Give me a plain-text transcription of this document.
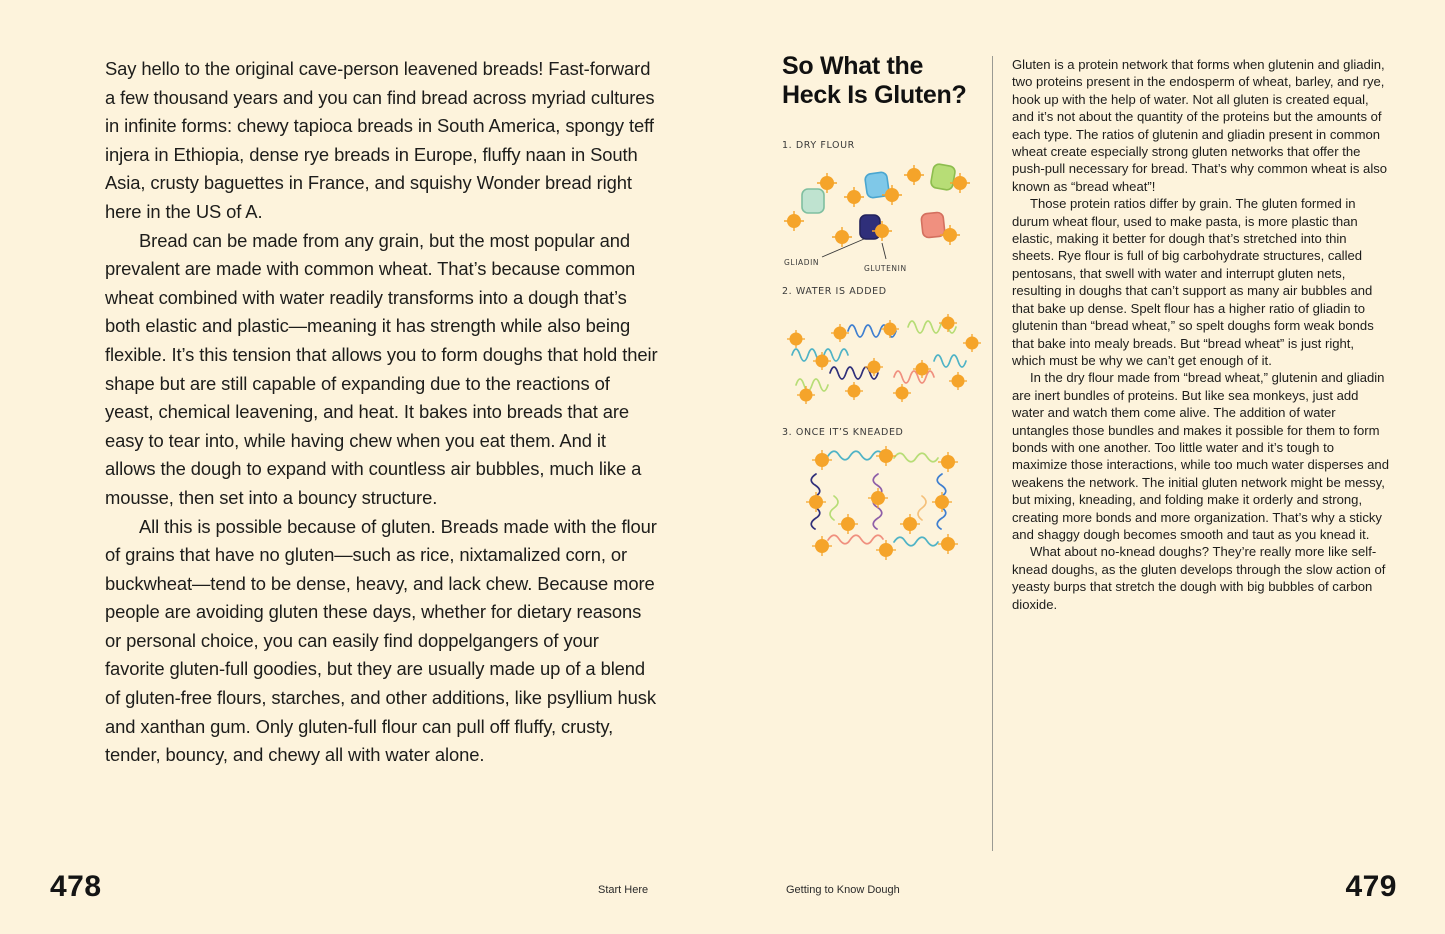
Say hello to the original cave-person leavened breads! Fast-forward a few thousand years and you can find bread across myriad cultures in infinite forms: chewy tapioca breads in South America, spongy teff injera in Ethiopia, dense rye breads in Europe, fluffy naan in South Asia, crusty baguettes in France, and squishy Wonder bread right here in the US of A.

Bread can be made from any grain, but the most popular and prevalent are made with common wheat. That’s because common wheat combined with water readily transforms into a dough that’s both elastic and plastic—meaning it has strength while also being flexible. It’s this tension that allows you to form doughs that hold their shape but are still capable of expanding due to the reactions of yeast, chemical leavening, and heat. It bakes into breads that are easy to tear into, while having chew when you eat them. And it allows the dough to expand with countless air bubbles, much like a mousse, then set into a bouncy structure.

All this is possible because of gluten. Breads made with the flour of grains that have no gluten—such as rice, nixtamalized corn, or buckwheat—tend to be dense, heavy, and lack chew. Because more people are avoiding gluten these days, whether for dietary reasons or personal choice, you can easily find doppelgangers of your favorite gluten-full goodies, but they are usually made up of a blend of gluten-free flours, starches, and other additions, like psyllium husk and xanthan gum. Only gluten-full flour can pull off fluffy, crusty, tender, bouncy, and chewy all with water alone.

478	Start Here
So What the Heck Is Gluten?
1. DRY FLOUR
GLIADIN
GLUTENIN
2. WATER IS ADDED
3. ONCE IT’S KNEADED

Gluten is a protein network that forms when glutenin and gliadin, two proteins present in the endosperm of wheat, barley, and rye, hook up with the help of water. Not all gluten is created equal, and it’s not about the quantity of the proteins but the amounts of each type. The ratios of glutenin and gliadin present in common wheat create especially strong gluten networks that offer the push-pull necessary for bread. That’s why common wheat is also known as “bread wheat”!

Those protein ratios differ by grain. The gluten formed in durum wheat flour, used to make pasta, is more plastic than elastic, making it better for dough that’s stretched into thin sheets. Rye flour is full of big carbohydrate structures, called pentosans, that swell with water and interrupt gluten nets, resulting in doughs that can’t support as many air bubbles and that bake up dense. Spelt flour has a higher ratio of gliadin to glutenin than “bread wheat,” so spelt doughs form weak bonds that bake into mealy breads. But “bread wheat” is just right, which must be why we can’t get enough of it.

In the dry flour made from “bread wheat,” glutenin and gliadin are inert bundles of proteins. But like sea monkeys, just add water and watch them come alive. The addition of water untangles those bundles and makes it possible for them to form bonds with one another. Too little water and it’s tough to maximize those interactions, while too much water disperses and weakens the network. The initial gluten network might be messy, but mixing, kneading, and folding make it orderly and strong, creating more bonds and more organization. That’s why a sticky and shaggy dough becomes smooth and taut as you knead it.

What about no-knead doughs? They’re really more like self-knead doughs, as the gluten develops through the slow action of yeasty burps that stretch the dough with big bubbles of carbon dioxide.

Getting to Know Dough	479
